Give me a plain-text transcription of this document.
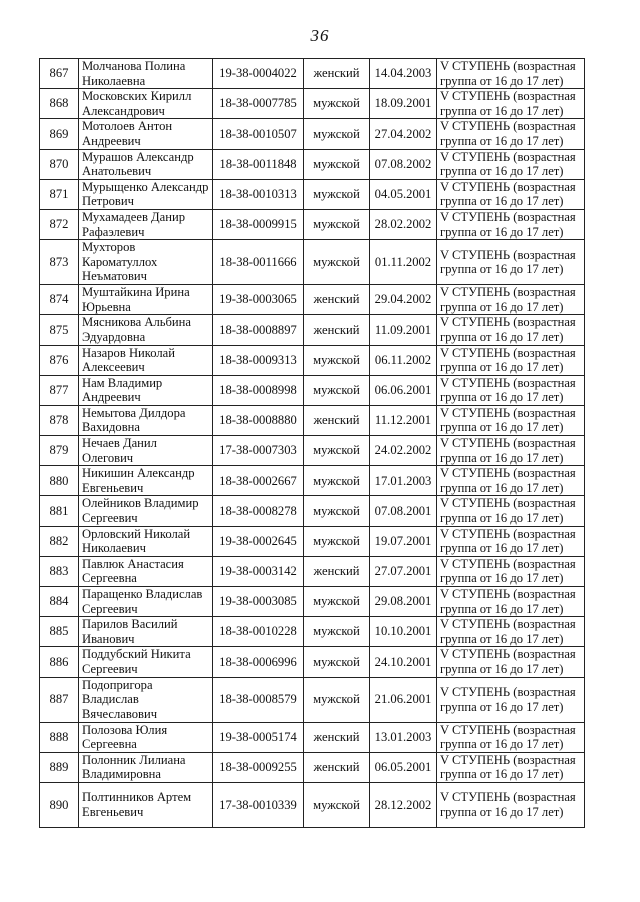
36
867	Молчанова Полина Николаевна	19-38-0004022	женский	14.04.2003	V СТУПЕНЬ (возрастная группа от 16 до 17 лет)
868	Московских Кирилл Александрович	18-38-0007785	мужской	18.09.2001	V СТУПЕНЬ (возрастная группа от 16 до 17 лет)
869	Мотолоев Антон Андреевич	18-38-0010507	мужской	27.04.2002	V СТУПЕНЬ (возрастная группа от 16 до 17 лет)
870	Мурашов Александр Анатольевич	18-38-0011848	мужской	07.08.2002	V СТУПЕНЬ (возрастная группа от 16 до 17 лет)
871	Мурыщенко Александр Петрович	18-38-0010313	мужской	04.05.2001	V СТУПЕНЬ (возрастная группа от 16 до 17 лет)
872	Мухамадеев Данир Рафаэлевич	18-38-0009915	мужской	28.02.2002	V СТУПЕНЬ (возрастная группа от 16 до 17 лет)
873	Мухторов Кароматуллох Неъматович	18-38-0011666	мужской	01.11.2002	V СТУПЕНЬ (возрастная группа от 16 до 17 лет)
874	Муштайкина Ирина Юрьевна	19-38-0003065	женский	29.04.2002	V СТУПЕНЬ (возрастная группа от 16 до 17 лет)
875	Мясникова Альбина Эдуардовна	18-38-0008897	женский	11.09.2001	V СТУПЕНЬ (возрастная группа от 16 до 17 лет)
876	Назаров Николай Алексеевич	18-38-0009313	мужской	06.11.2002	V СТУПЕНЬ (возрастная группа от 16 до 17 лет)
877	Нам Владимир Андреевич	18-38-0008998	мужской	06.06.2001	V СТУПЕНЬ (возрастная группа от 16 до 17 лет)
878	Немытова Дилдора Вахидовна	18-38-0008880	женский	11.12.2001	V СТУПЕНЬ (возрастная группа от 16 до 17 лет)
879	Нечаев Данил Олегович	17-38-0007303	мужской	24.02.2002	V СТУПЕНЬ (возрастная группа от 16 до 17 лет)
880	Никишин Александр Евгеньевич	18-38-0002667	мужской	17.01.2003	V СТУПЕНЬ (возрастная группа от 16 до 17 лет)
881	Олейников Владимир Сергеевич	18-38-0008278	мужской	07.08.2001	V СТУПЕНЬ (возрастная группа от 16 до 17 лет)
882	Орловский Николай Николаевич	19-38-0002645	мужской	19.07.2001	V СТУПЕНЬ (возрастная группа от 16 до 17 лет)
883	Павлюк Анастасия Сергеевна	19-38-0003142	женский	27.07.2001	V СТУПЕНЬ (возрастная группа от 16 до 17 лет)
884	Паращенко Владислав Сергеевич	19-38-0003085	мужской	29.08.2001	V СТУПЕНЬ (возрастная группа от 16 до 17 лет)
885	Парилов Василий Иванович	18-38-0010228	мужской	10.10.2001	V СТУПЕНЬ (возрастная группа от 16 до 17 лет)
886	Поддубский Никита Сергеевич	18-38-0006996	мужской	24.10.2001	V СТУПЕНЬ (возрастная группа от 16 до 17 лет)
887	Подопригора Владислав Вячеславович	18-38-0008579	мужской	21.06.2001	V СТУПЕНЬ (возрастная группа от 16 до 17 лет)
888	Полозова Юлия Сергеевна	19-38-0005174	женский	13.01.2003	V СТУПЕНЬ (возрастная группа от 16 до 17 лет)
889	Полонник Лилиана Владимировна	18-38-0009255	женский	06.05.2001	V СТУПЕНЬ (возрастная группа от 16 до 17 лет)
890	Полтинников Артем Евгеньевич	17-38-0010339	мужской	28.12.2002	V СТУПЕНЬ (возрастная группа от 16 до 17 лет)
